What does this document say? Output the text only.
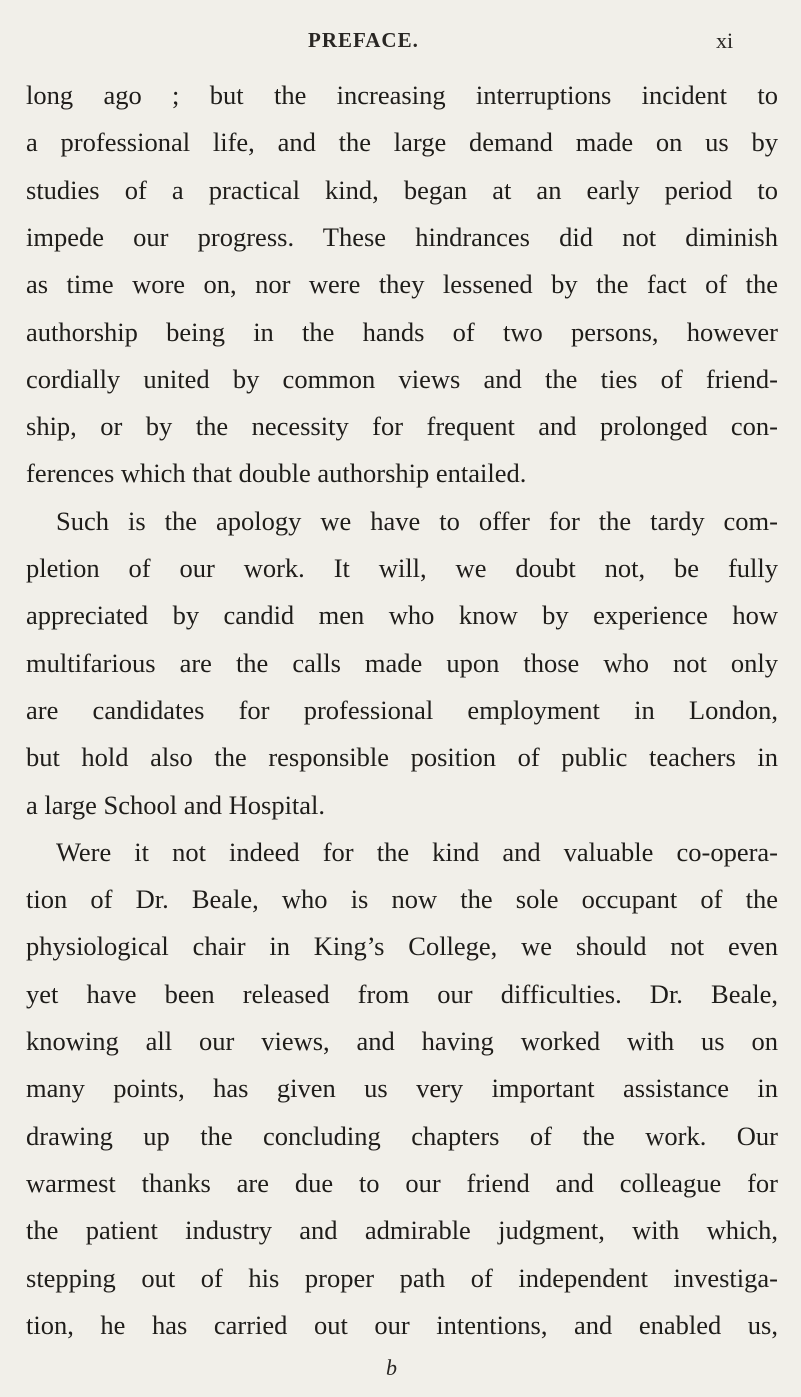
PREFACE.	xi
long ago ; but the increasing interruptions incident to
a professional life, and the large demand made on us by
studies of a practical kind, began at an early period to
impede our progress. These hindrances did not diminish
as time wore on, nor were they lessened by the fact of the
authorship being in the hands of two persons, however
cordially united by common views and the ties of friend-
ship, or by the necessity for frequent and prolonged con-
ferences which that double authorship entailed.
Such is the apology we have to offer for the tardy com-
pletion of our work. It will, we doubt not, be fully
appreciated by candid men who know by experience how
multifarious are the calls made upon those who not only
are candidates for professional employment in London,
but hold also the responsible position of public teachers in
a large School and Hospital.
Were it not indeed for the kind and valuable co-opera-
tion of Dr. Beale, who is now the sole occupant of the
physiological chair in King’s College, we should not even
yet have been released from our difficulties. Dr. Beale,
knowing all our views, and having worked with us on
many points, has given us very important assistance in
drawing up the concluding chapters of the work. Our
warmest thanks are due to our friend and colleague for
the patient industry and admirable judgment, with which,
stepping out of his proper path of independent investiga-
tion, he has carried out our intentions, and enabled us,
b
